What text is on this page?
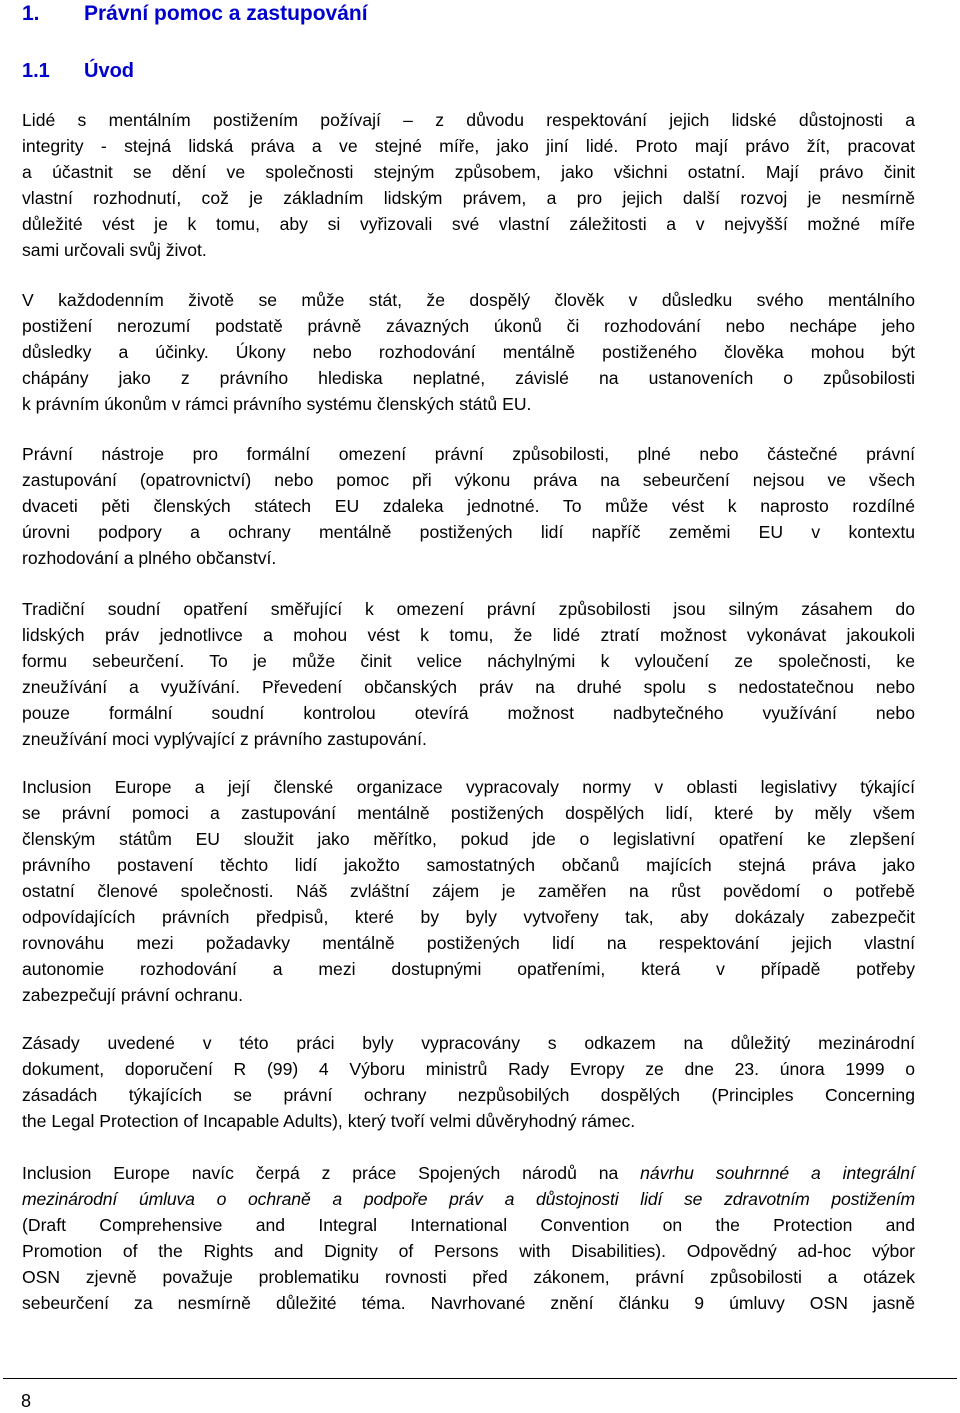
1. Právní pomoc a zastupování
1.1 Úvod
Lidé s mentálním postižením požívají – z důvodu respektování jejich lidské důstojnosti a
integrity - stejná lidská práva a ve stejné míře, jako jiní lidé. Proto mají právo žít, pracovat
a účastnit se dění ve společnosti stejným způsobem, jako všichni ostatní. Mají právo činit
vlastní rozhodnutí, což je základním lidským právem, a pro jejich další rozvoj je nesmírně
důležité vést je k tomu, aby si vyřizovali své vlastní záležitosti a v nejvyšší možné míře
sami určovali svůj život.
V každodenním životě se může stát, že dospělý člověk v důsledku svého mentálního
postižení nerozumí podstatě právně závazných úkonů či rozhodování nebo nechápe jeho
důsledky a účinky. Úkony nebo rozhodování mentálně postiženého člověka mohou být
chápány jako z právního hlediska neplatné, závislé na ustanoveních o způsobilosti
k právním úkonům v rámci právního systému členských států EU.
Právní nástroje pro formální omezení právní způsobilosti, plné nebo částečné právní
zastupování (opatrovnictví) nebo pomoc při výkonu práva na sebeurčení nejsou ve všech
dvaceti pěti členských státech EU zdaleka jednotné. To může vést k naprosto rozdílné
úrovni podpory a ochrany mentálně postižených lidí napříč zeměmi EU v kontextu
rozhodování a plného občanství.
Tradiční soudní opatření směřující k omezení právní způsobilosti jsou silným zásahem do
lidských práv jednotlivce a mohou vést k tomu, že lidé ztratí možnost vykonávat jakoukoli
formu sebeurčení. To je může činit velice náchylnými k vyloučení ze společnosti, ke
zneužívání a využívání. Převedení občanských práv na druhé spolu s nedostatečnou nebo
pouze formální soudní kontrolou otevírá možnost nadbytečného využívání nebo
zneužívání moci vyplývající z právního zastupování.
Inclusion Europe a její členské organizace vypracovaly normy v oblasti legislativy týkající
se právní pomoci a zastupování mentálně postižených dospělých lidí, které by měly všem
členským státům EU sloužit jako měřítko, pokud jde o legislativní opatření ke zlepšení
právního postavení těchto lidí jakožto samostatných občanů majících stejná práva jako
ostatní členové společnosti. Náš zvláštní zájem je zaměřen na růst povědomí o potřebě
odpovídajících právních předpisů, které by byly vytvořeny tak, aby dokázaly zabezpečit
rovnováhu mezi požadavky mentálně postižených lidí na respektování jejich vlastní
autonomie rozhodování a mezi dostupnými opatřeními, která v případě potřeby
zabezpečují právní ochranu.
Zásady uvedené v této práci byly vypracovány s odkazem na důležitý mezinárodní
dokument, doporučení R (99) 4 Výboru ministrů Rady Evropy ze dne 23. února 1999 o
zásadách týkajících se právní ochrany nezpůsobilých dospělých (Principles Concerning
the Legal Protection of Incapable Adults), který tvoří velmi důvěryhodný rámec.
Inclusion Europe navíc čerpá z práce Spojených národů na návrhu souhrnné a integrální
mezinárodní úmluva o ochraně a podpoře práv a důstojnosti lidí se zdravotním postižením
(Draft Comprehensive and Integral International Convention on the Protection and
Promotion of the Rights and Dignity of Persons with Disabilities). Odpovědný ad-hoc výbor
OSN zjevně považuje problematiku rovnosti před zákonem, právní způsobilosti a otázek
sebeurčení za nesmírně důležité téma. Navrhované znění článku 9 úmluvy OSN jasně
8
